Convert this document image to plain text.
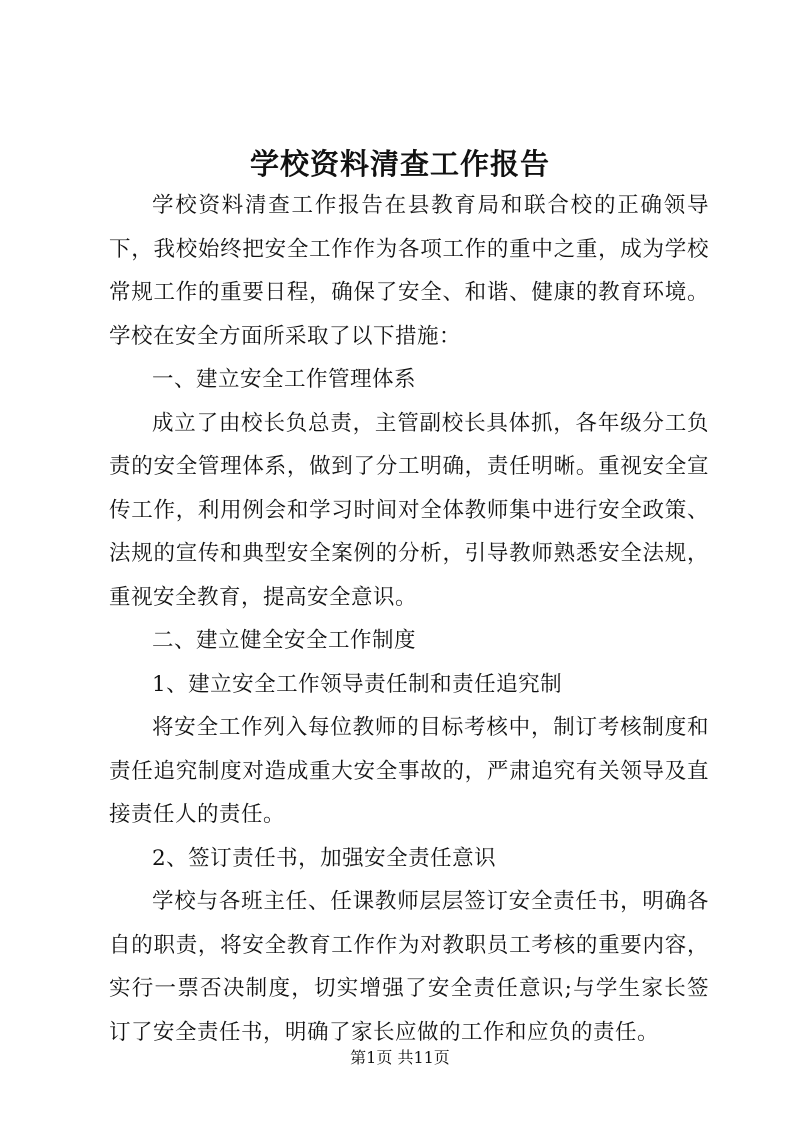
学校资料清查工作报告

学校资料清查工作报告在县教育局和联合校的正确领导下，我校始终把安全工作作为各项工作的重中之重，成为学校常规工作的重要日程，确保了安全、和谐、健康的教育环境。学校在安全方面所采取了以下措施：

一、建立安全工作管理体系

成立了由校长负总责，主管副校长具体抓，各年级分工负责的安全管理体系，做到了分工明确，责任明晰。重视安全宣传工作，利用例会和学习时间对全体教师集中进行安全政策、法规的宣传和典型安全案例的分析，引导教师熟悉安全法规，重视安全教育，提高安全意识。

二、建立健全安全工作制度

1、建立安全工作领导责任制和责任追究制

将安全工作列入每位教师的目标考核中，制订考核制度和责任追究制度对造成重大安全事故的，严肃追究有关领导及直接责任人的责任。

2、签订责任书，加强安全责任意识

学校与各班主任、任课教师层层签订安全责任书，明确各自的职责，将安全教育工作作为对教职员工考核的重要内容，实行一票否决制度，切实增强了安全责任意识;与学生家长签订了安全责任书，明确了家长应做的工作和应负的责任。

第1页 共11页
